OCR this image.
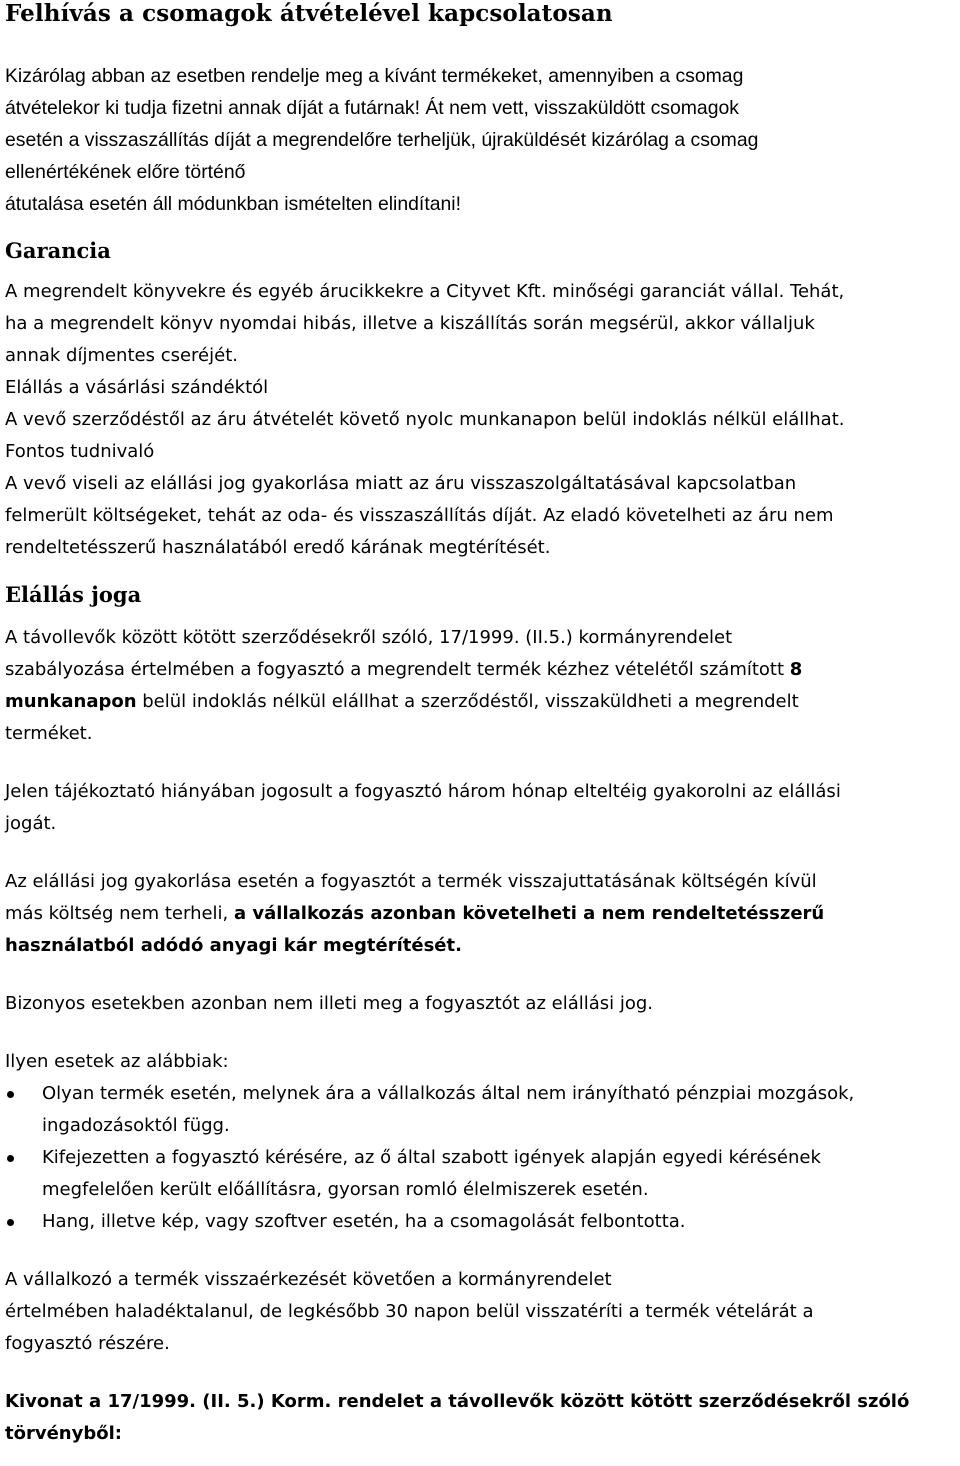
Felhívás a csomagok átvételével kapcsolatosan
Kizárólag abban az esetben rendelje meg a kívánt termékeket, amennyiben a csomag
átvételekor ki tudja fizetni annak díját a futárnak! Át nem vett, visszaküldött csomagok
esetén a visszaszállítás díját a megrendelőre terheljük, újraküldését kizárólag a csomag
ellenértékének előre történő
átutalása esetén áll módunkban ismételten elindítani!
Garancia
A megrendelt könyvekre és egyéb árucikkekre a Cityvet Kft. minőségi garanciát vállal. Tehát,
ha a megrendelt könyv nyomdai hibás, illetve a kiszállítás során megsérül, akkor vállaljuk
annak díjmentes cseréjét.
Elállás a vásárlási szándéktól
A vevő szerződéstől az áru átvételét követő nyolc munkanapon belül indoklás nélkül elállhat.
Fontos tudnivaló
A vevő viseli az elállási jog gyakorlása miatt az áru visszaszolgáltatásával kapcsolatban
felmerült költségeket, tehát az oda- és visszaszállítás díját. Az eladó követelheti az áru nem
rendeltetésszerű használatából eredő kárának megtérítését.
Elállás joga
A távollevők között kötött szerződésekről szóló, 17/1999. (II.5.) kormányrendelet
szabályozása értelmében a fogyasztó a megrendelt termék kézhez vételétől számított 8
munkanapon belül indoklás nélkül elállhat a szerződéstől, visszaküldheti a megrendelt
terméket.
Jelen tájékoztató hiányában jogosult a fogyasztó három hónap elteltéig gyakorolni az elállási
jogát.
Az elállási jog gyakorlása esetén a fogyasztót a termék visszajuttatásának költségén kívül
más költség nem terheli, a vállalkozás azonban követelheti a nem rendeltetésszerű
használatból adódó anyagi kár megtérítését.
Bizonyos esetekben azonban nem illeti meg a fogyasztót az elállási jog.
Ilyen esetek az alábbiak:
Olyan termék esetén, melynek ára a vállalkozás által nem irányítható pénzpiai mozgások,
ingadozásoktól függ.
Kifejezetten a fogyasztó kérésére, az ő által szabott igények alapján egyedi kérésének
megfelelően került előállításra, gyorsan romló élelmiszerek esetén.
Hang, illetve kép, vagy szoftver esetén, ha a csomagolását felbontotta.
A vállalkozó a termék visszaérkezését követően a kormányrendelet
értelmében haladéktalanul, de legkésőbb 30 napon belül visszatéríti a termék vételárát a
fogyasztó részére.
Kivonat a 17/1999. (II. 5.) Korm. rendelet a távollevők között kötött szerződésekről szóló
törvényből:
